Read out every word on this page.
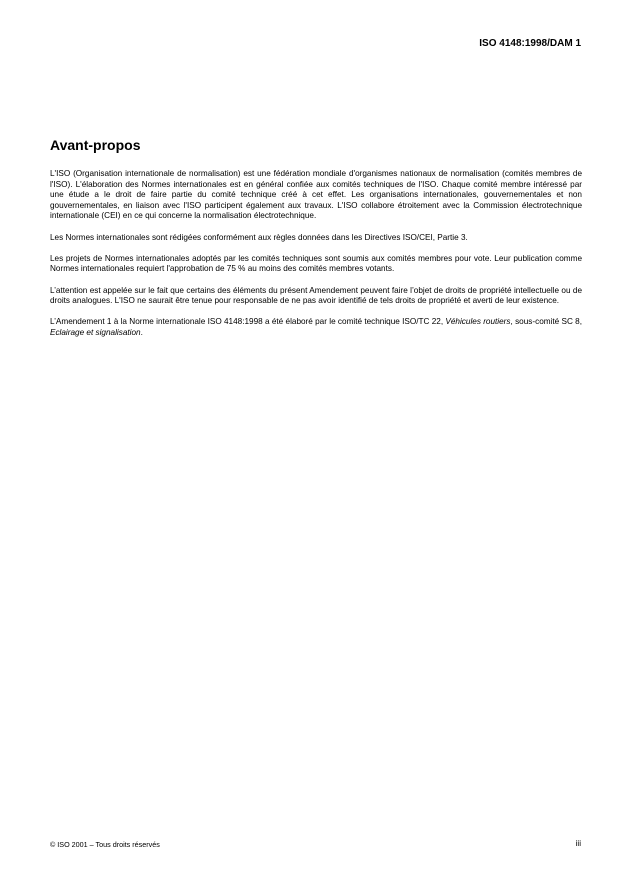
ISO 4148:1998/DAM 1
Avant-propos

L'ISO (Organisation internationale de normalisation) est une fédération mondiale d'organismes nationaux de normalisation (comités membres de l'ISO). L'élaboration des Normes internationales est en général confiée aux comités techniques de l'ISO. Chaque comité membre intéressé par une étude a le droit de faire partie du comité technique créé à cet effet. Les organisations internationales, gouvernementales et non gouvernementales, en liaison avec l'ISO participent également aux travaux. L'ISO collabore étroitement avec la Commission électrotechnique internationale (CEI) en ce qui concerne la normalisation électrotechnique.

Les Normes internationales sont rédigées conformément aux règles données dans les Directives ISO/CEI, Partie 3.

Les projets de Normes internationales adoptés par les comités techniques sont soumis aux comités membres pour vote. Leur publication comme Normes internationales requiert l'approbation de 75 % au moins des comités membres votants.

L’attention est appelée sur le fait que certains des éléments du présent Amendement peuvent faire l’objet de droits de propriété intellectuelle ou de droits analogues. L'ISO ne saurait être tenue pour responsable de ne pas avoir identifié de tels droits de propriété et averti de leur existence.

L’Amendement 1 à la Norme internationale ISO 4148:1998 a été élaboré par le comité technique ISO/TC 22, Véhicules routiers, sous-comité SC 8, Eclairage et signalisation.

© ISO 2001 – Tous droits réservés	iii
